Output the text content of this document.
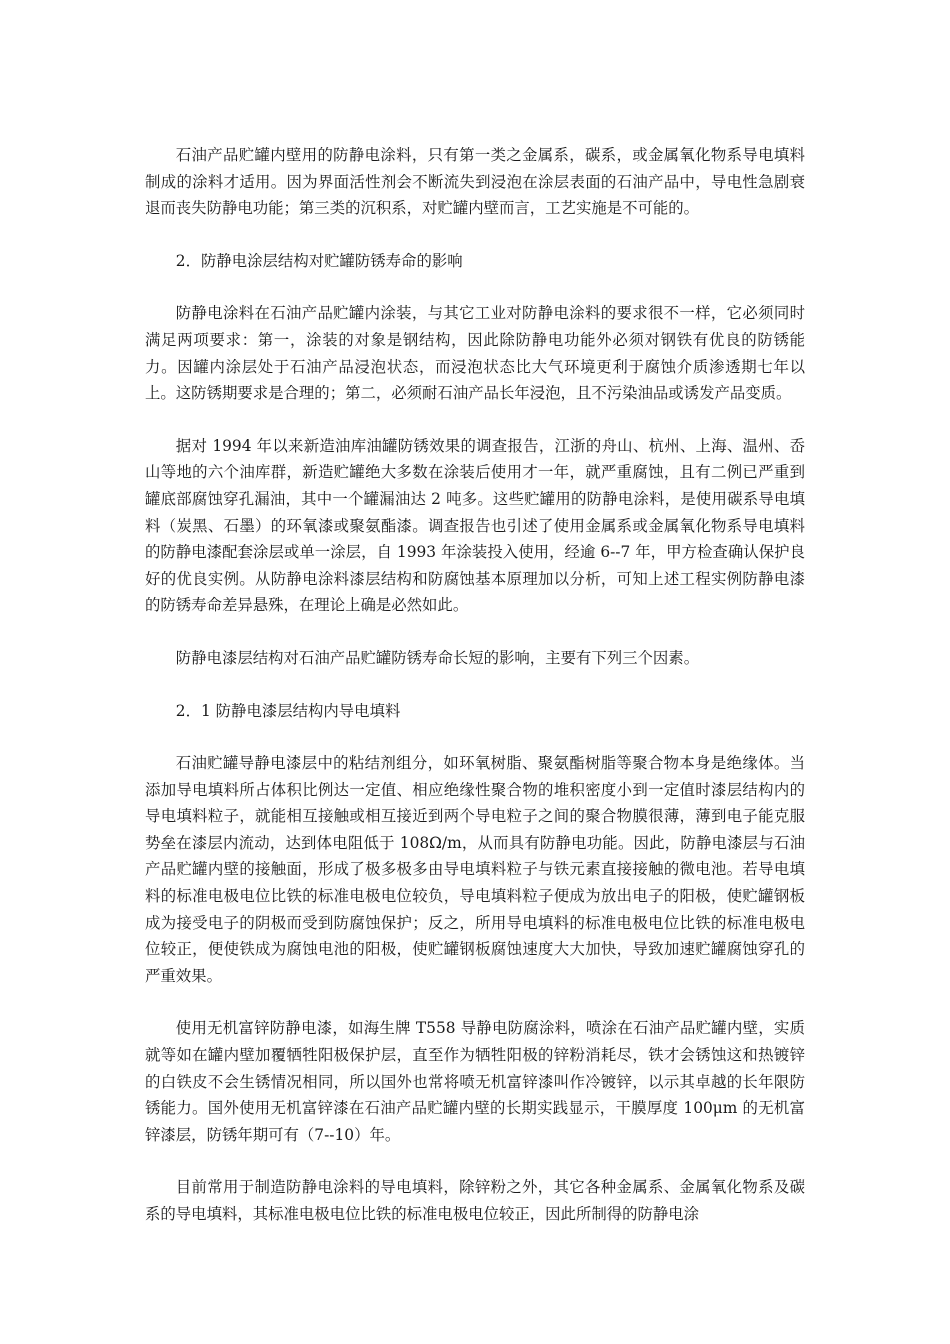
石油产品贮罐内壁用的防静电涂料，只有第一类之金属系，碳系，或金属氧化物系导电填料制成的涂料才适用。因为界面活性剂会不断流失到浸泡在涂层表面的石油产品中，导电性急剧衰退而丧失防静电功能；第三类的沉积系，对贮罐内壁而言，工艺实施是不可能的。

2．防静电涂层结构对贮罐防锈寿命的影响

防静电涂料在石油产品贮罐内涂装，与其它工业对防静电涂料的要求很不一样，它必须同时满足两项要求：第一，涂装的对象是钢结构，因此除防静电功能外必须对钢铁有优良的防锈能力。因罐内涂层处于石油产品浸泡状态，而浸泡状态比大气环境更利于腐蚀介质渗透期七年以上。这防锈期要求是合理的；第二，必须耐石油产品长年浸泡，且不污染油品或诱发产品变质。

据对 1994 年以来新造油库油罐防锈效果的调查报告，江浙的舟山、杭州、上海、温州、岙山等地的六个油库群，新造贮罐绝大多数在涂装后使用才一年，就严重腐蚀，且有二例已严重到罐底部腐蚀穿孔漏油，其中一个罐漏油达 2 吨多。这些贮罐用的防静电涂料，是使用碳系导电填料（炭黑、石墨）的环氧漆或聚氨酯漆。调查报告也引述了使用金属系或金属氧化物系导电填料的防静电漆配套涂层或单一涂层，自 1993 年涂装投入使用，经逾 6--7 年，甲方检查确认保护良好的优良实例。从防静电涂料漆层结构和防腐蚀基本原理加以分析，可知上述工程实例防静电漆的防锈寿命差异悬殊，在理论上确是必然如此。

防静电漆层结构对石油产品贮罐防锈寿命长短的影响，主要有下列三个因素。

2．1 防静电漆层结构内导电填料

石油贮罐导静电漆层中的粘结剂组分，如环氧树脂、聚氨酯树脂等聚合物本身是绝缘体。当添加导电填料所占体积比例达一定值、相应绝缘性聚合物的堆积密度小到一定值时漆层结构内的导电填料粒子，就能相互接触或相互接近到两个导电粒子之间的聚合物膜很薄，薄到电子能克服势垒在漆层内流动，达到体电阻低于 108Ω/m，从而具有防静电功能。因此，防静电漆层与石油产品贮罐内壁的接触面，形成了极多极多由导电填料粒子与铁元素直接接触的微电池。若导电填料的标准电极电位比铁的标准电极电位较负，导电填料粒子便成为放出电子的阳极，使贮罐钢板成为接受电子的阴极而受到防腐蚀保护；反之，所用导电填料的标准电极电位比铁的标准电极电位较正，便使铁成为腐蚀电池的阳极，使贮罐钢板腐蚀速度大大加快，导致加速贮罐腐蚀穿孔的严重效果。

使用无机富锌防静电漆，如海生牌 T558 导静电防腐涂料，喷涂在石油产品贮罐内壁，实质就等如在罐内壁加覆牺牲阳极保护层，直至作为牺牲阳极的锌粉消耗尽，铁才会锈蚀这和热镀锌的白铁皮不会生锈情况相同，所以国外也常将喷无机富锌漆叫作冷镀锌，以示其卓越的长年限防锈能力。国外使用无机富锌漆在石油产品贮罐内壁的长期实践显示，干膜厚度 100μm 的无机富锌漆层，防锈年期可有（7--10）年。

目前常用于制造防静电涂料的导电填料，除锌粉之外，其它各种金属系、金属氧化物系及碳系的导电填料，其标准电极电位比铁的标准电极电位较正，因此所制得的防静电涂
